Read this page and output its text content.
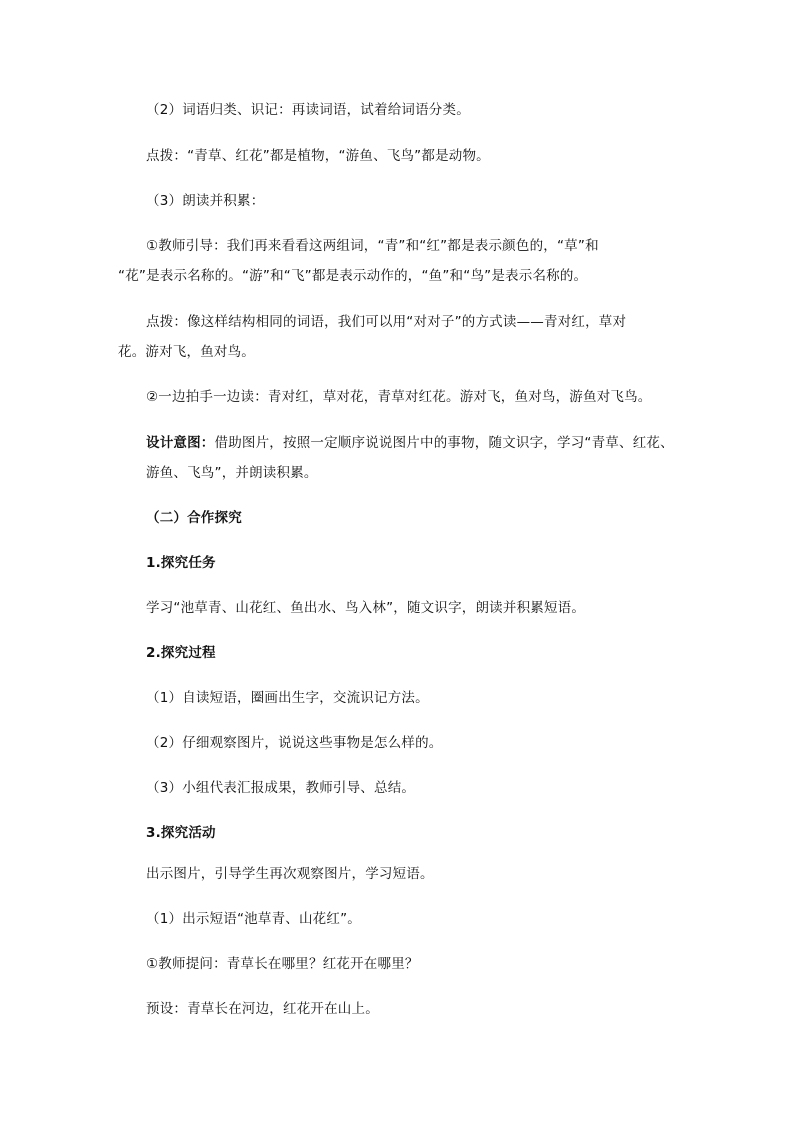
（2）词语归类、识记：再读词语，试着给词语分类。
点拨：“青草、红花”都是植物，“游鱼、飞鸟”都是动物。
（3）朗读并积累：
①教师引导：我们再来看看这两组词，“青”和“红”都是表示颜色的，“草”和
“花”是表示名称的。“游”和“飞”都是表示动作的，“鱼”和“鸟”是表示名称的。
点拨：像这样结构相同的词语，我们可以用“对对子”的方式读——青对红，草对
花。游对飞，鱼对鸟。
②一边拍手一边读：青对红，草对花，青草对红花。游对飞，鱼对鸟，游鱼对飞鸟。
设计意图：借助图片，按照一定顺序说说图片中的事物，随文识字，学习“青草、红花、
游鱼、飞鸟”，并朗读积累。
（二）合作探究
1.探究任务
学习“池草青、山花红、鱼出水、鸟入林”，随文识字，朗读并积累短语。
2.探究过程
（1）自读短语，圈画出生字，交流识记方法。
（2）仔细观察图片，说说这些事物是怎么样的。
（3）小组代表汇报成果，教师引导、总结。
3.探究活动
出示图片，引导学生再次观察图片，学习短语。
（1）出示短语“池草青、山花红”。
①教师提问：青草长在哪里？红花开在哪里？
预设：青草长在河边，红花开在山上。
